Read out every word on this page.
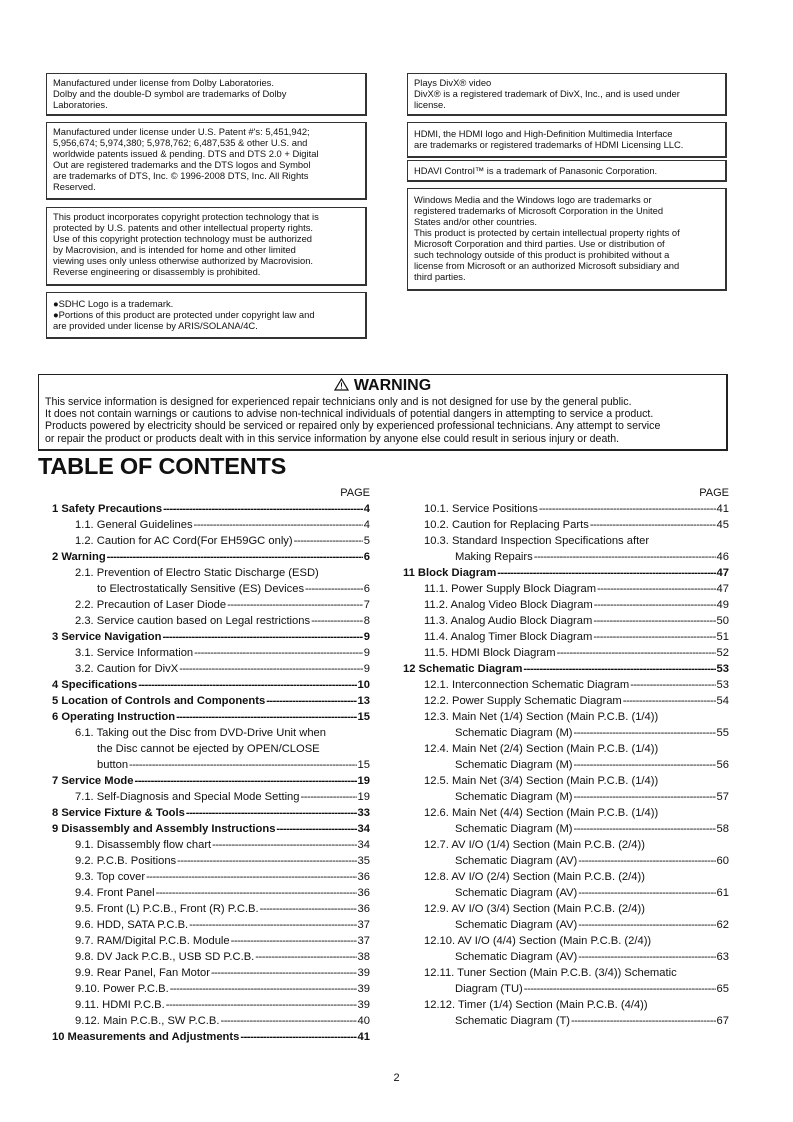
Manufactured under license from Dolby Laboratories.
Dolby and the double-D symbol are trademarks of Dolby
Laboratories.
Manufactured under license under U.S. Patent #'s: 5,451,942;
5,956,674; 5,974,380; 5,978,762; 6,487,535 & other U.S. and
worldwide patents issued & pending. DTS and DTS 2.0 + Digital
Out are registered trademarks and the DTS logos and Symbol
are trademarks of DTS, Inc. © 1996-2008 DTS, Inc. All Rights
Reserved.
This product incorporates copyright protection technology that is
protected by U.S. patents and other intellectual property rights.
Use of this copyright protection technology must be authorized
by Macrovision, and is intended for home and other limited
viewing uses only unless otherwise authorized by Macrovision.
Reverse engineering or disassembly is prohibited.
●SDHC Logo is a trademark.
●Portions of this product are protected under copyright law and
are provided under license by ARIS/SOLANA/4C.
Plays DivX® video
DivX® is a registered trademark of DivX, Inc., and is used under
license.
HDMI, the HDMI logo and High-Definition Multimedia Interface
are trademarks or registered trademarks of HDMI Licensing LLC.
HDAVI Control™ is a trademark of Panasonic Corporation.
Windows Media and the Windows logo are trademarks or
registered trademarks of Microsoft Corporation in the United
States and/or other countries.
This product is protected by certain intellectual property rights of
Microsoft Corporation and third parties. Use or distribution of
such technology outside of this product is prohibited without a
license from Microsoft or an authorized Microsoft subsidiary and
third parties.
WARNING
This service information is designed for experienced repair technicians only and is not designed for use by the general public.
It does not contain warnings or cautions to advise non-technical individuals of potential dangers in attempting to service a product.
Products powered by electricity should be serviced or repaired only by experienced professional technicians. Any attempt to service
or repair the product or products dealt with in this service information by anyone else could result in serious injury or death.
TABLE OF CONTENTS
PAGE
1 Safety Precautions -----	4
1.1. General Guidelines -----	4
1.2. Caution for AC Cord(For EH59GC only) -----	5
2 Warning -----	6
2.1. Prevention of Electro Static Discharge (ESD)
to Electrostatically Sensitive (ES) Devices -----	6
2.2. Precaution of Laser Diode -----	7
2.3. Service caution based on Legal restrictions -----	8
3 Service Navigation -----	9
3.1. Service Information -----	9
3.2. Caution for DivX -----	9
4 Specifications -----	10
5 Location of Controls and Components -----	13
6 Operating Instruction -----	15
6.1. Taking out the Disc from DVD-Drive Unit when
the Disc cannot be ejected by OPEN/CLOSE
button -----	15
7 Service Mode -----	19
7.1. Self-Diagnosis and Special Mode Setting -----	19
8 Service Fixture & Tools -----	33
9 Disassembly and Assembly Instructions -----	34
9.1. Disassembly flow chart -----	34
9.2. P.C.B. Positions -----	35
9.3. Top cover -----	36
9.4. Front Panel -----	36
9.5. Front (L) P.C.B., Front (R) P.C.B. -----	36
9.6. HDD, SATA P.C.B. -----	37
9.7. RAM/Digital P.C.B. Module -----	37
9.8. DV Jack P.C.B., USB SD P.C.B. -----	38
9.9. Rear Panel, Fan Motor -----	39
9.10. Power P.C.B. -----	39
9.11. HDMI P.C.B. -----	39
9.12. Main P.C.B., SW P.C.B. -----	40
10 Measurements and Adjustments -----	41
PAGE
10.1. Service Positions -----	41
10.2. Caution for Replacing Parts -----	45
10.3. Standard Inspection Specifications after
Making Repairs -----	46
11 Block Diagram -----	47
11.1. Power Supply Block Diagram -----	47
11.2. Analog Video Block Diagram -----	49
11.3. Analog Audio Block Diagram -----	50
11.4. Analog Timer Block Diagram -----	51
11.5. HDMI Block Diagram -----	52
12 Schematic Diagram -----	53
12.1. Interconnection Schematic Diagram -----	53
12.2. Power Supply Schematic Diagram -----	54
12.3. Main Net (1/4) Section (Main P.C.B. (1/4))
Schematic Diagram (M) -----	55
12.4. Main Net (2/4) Section (Main P.C.B. (1/4))
Schematic Diagram (M) -----	56
12.5. Main Net (3/4) Section (Main P.C.B. (1/4))
Schematic Diagram (M) -----	57
12.6. Main Net (4/4) Section (Main P.C.B. (1/4))
Schematic Diagram (M) -----	58
12.7. AV I/O (1/4) Section (Main P.C.B. (2/4))
Schematic Diagram (AV) -----	60
12.8. AV I/O (2/4) Section (Main P.C.B. (2/4))
Schematic Diagram (AV) -----	61
12.9. AV I/O (3/4) Section (Main P.C.B. (2/4))
Schematic Diagram (AV) -----	62
12.10. AV I/O (4/4) Section (Main P.C.B. (2/4))
Schematic Diagram (AV) -----	63
12.11. Tuner Section (Main P.C.B. (3/4)) Schematic
Diagram (TU) -----	65
12.12. Timer (1/4) Section (Main P.C.B. (4/4))
Schematic Diagram (T) -----	67
2
